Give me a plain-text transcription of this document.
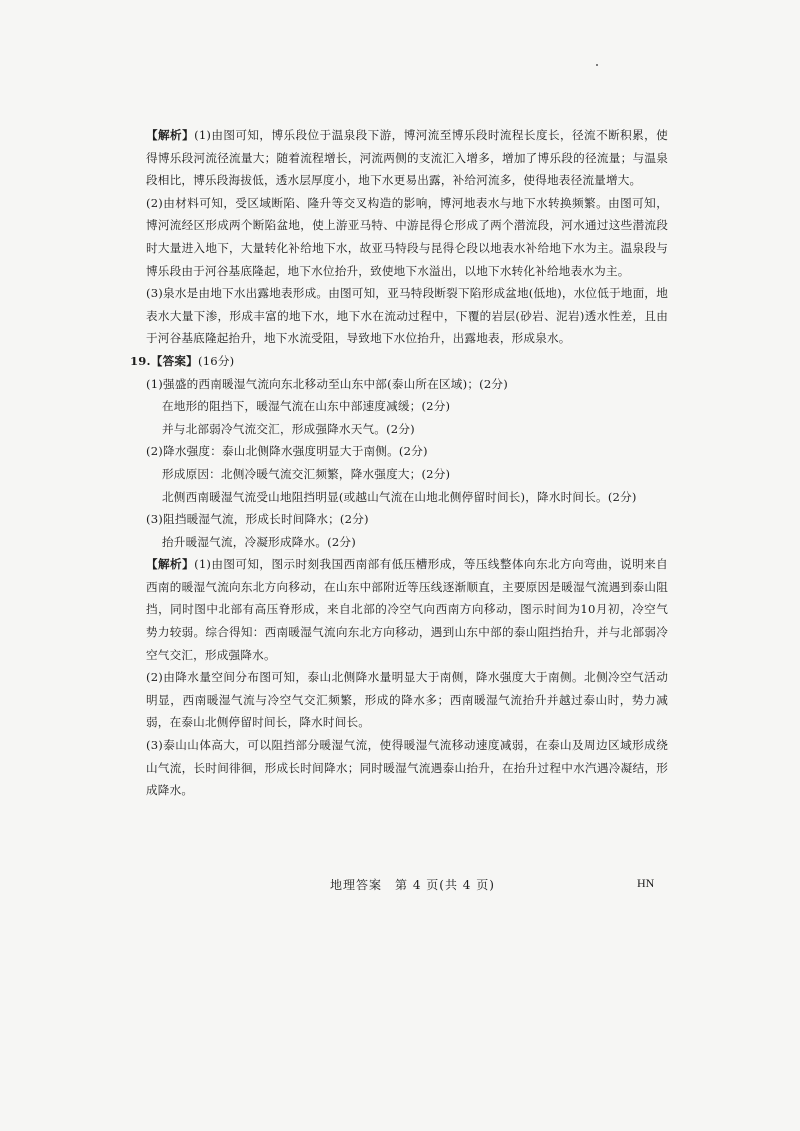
【解析】(1)由图可知，博乐段位于温泉段下游，博河流至博乐段时流程长度长，径流不断积累，使得博乐段河流径流量大；随着流程增长，河流两侧的支流汇入增多，增加了博乐段的径流量；与温泉段相比，博乐段海拔低，透水层厚度小，地下水更易出露，补给河流多，使得地表径流量增大。

(2)由材料可知，受区域断陷、隆升等交叉构造的影响，博河地表水与地下水转换频繁。由图可知，博河流经区形成两个断陷盆地，使上游亚马特、中游昆得仑形成了两个潜流段，河水通过这些潜流段时大量进入地下，大量转化补给地下水，故亚马特段与昆得仑段以地表水补给地下水为主。温泉段与博乐段由于河谷基底隆起，地下水位抬升，致使地下水溢出，以地下水转化补给地表水为主。

(3)泉水是由地下水出露地表形成。由图可知，亚马特段断裂下陷形成盆地(低地)，水位低于地面，地表水大量下渗，形成丰富的地下水，地下水在流动过程中，下覆的岩层(砂岩、泥岩)透水性差，且由于河谷基底隆起抬升，地下水流受阻，导致地下水位抬升，出露地表，形成泉水。

19.【答案】(16分)

(1)强盛的西南暖湿气流向东北移动至山东中部(泰山所在区域)；(2分)

在地形的阻挡下，暖湿气流在山东中部速度减缓；(2分)

并与北部弱冷气流交汇，形成强降水天气。(2分)

(2)降水强度：泰山北侧降水强度明显大于南侧。(2分)

形成原因：北侧冷暖气流交汇频繁，降水强度大；(2分)

北侧西南暖湿气流受山地阻挡明显(或越山气流在山地北侧停留时间长)，降水时间长。(2分)

(3)阻挡暖湿气流，形成长时间降水；(2分)

抬升暖湿气流，冷凝形成降水。(2分)

【解析】(1)由图可知，图示时刻我国西南部有低压槽形成，等压线整体向东北方向弯曲，说明来自西南的暖湿气流向东北方向移动，在山东中部附近等压线逐渐顺直，主要原因是暖湿气流遇到泰山阻挡，同时图中北部有高压脊形成，来自北部的冷空气向西南方向移动，图示时间为10月初，冷空气势力较弱。综合得知：西南暖湿气流向东北方向移动，遇到山东中部的泰山阻挡抬升，并与北部弱冷空气交汇，形成强降水。

(2)由降水量空间分布图可知，泰山北侧降水量明显大于南侧，降水强度大于南侧。北侧冷空气活动明显，西南暖湿气流与冷空气交汇频繁，形成的降水多；西南暖湿气流抬升并越过泰山时，势力减弱，在泰山北侧停留时间长，降水时间长。

(3)泰山山体高大，可以阻挡部分暖湿气流，使得暖湿气流移动速度减弱，在泰山及周边区域形成绕山气流，长时间徘徊，形成长时间降水；同时暖湿气流遇泰山抬升，在抬升过程中水汽遇冷凝结，形成降水。

地理答案　第 4 页(共 4 页)	HN
